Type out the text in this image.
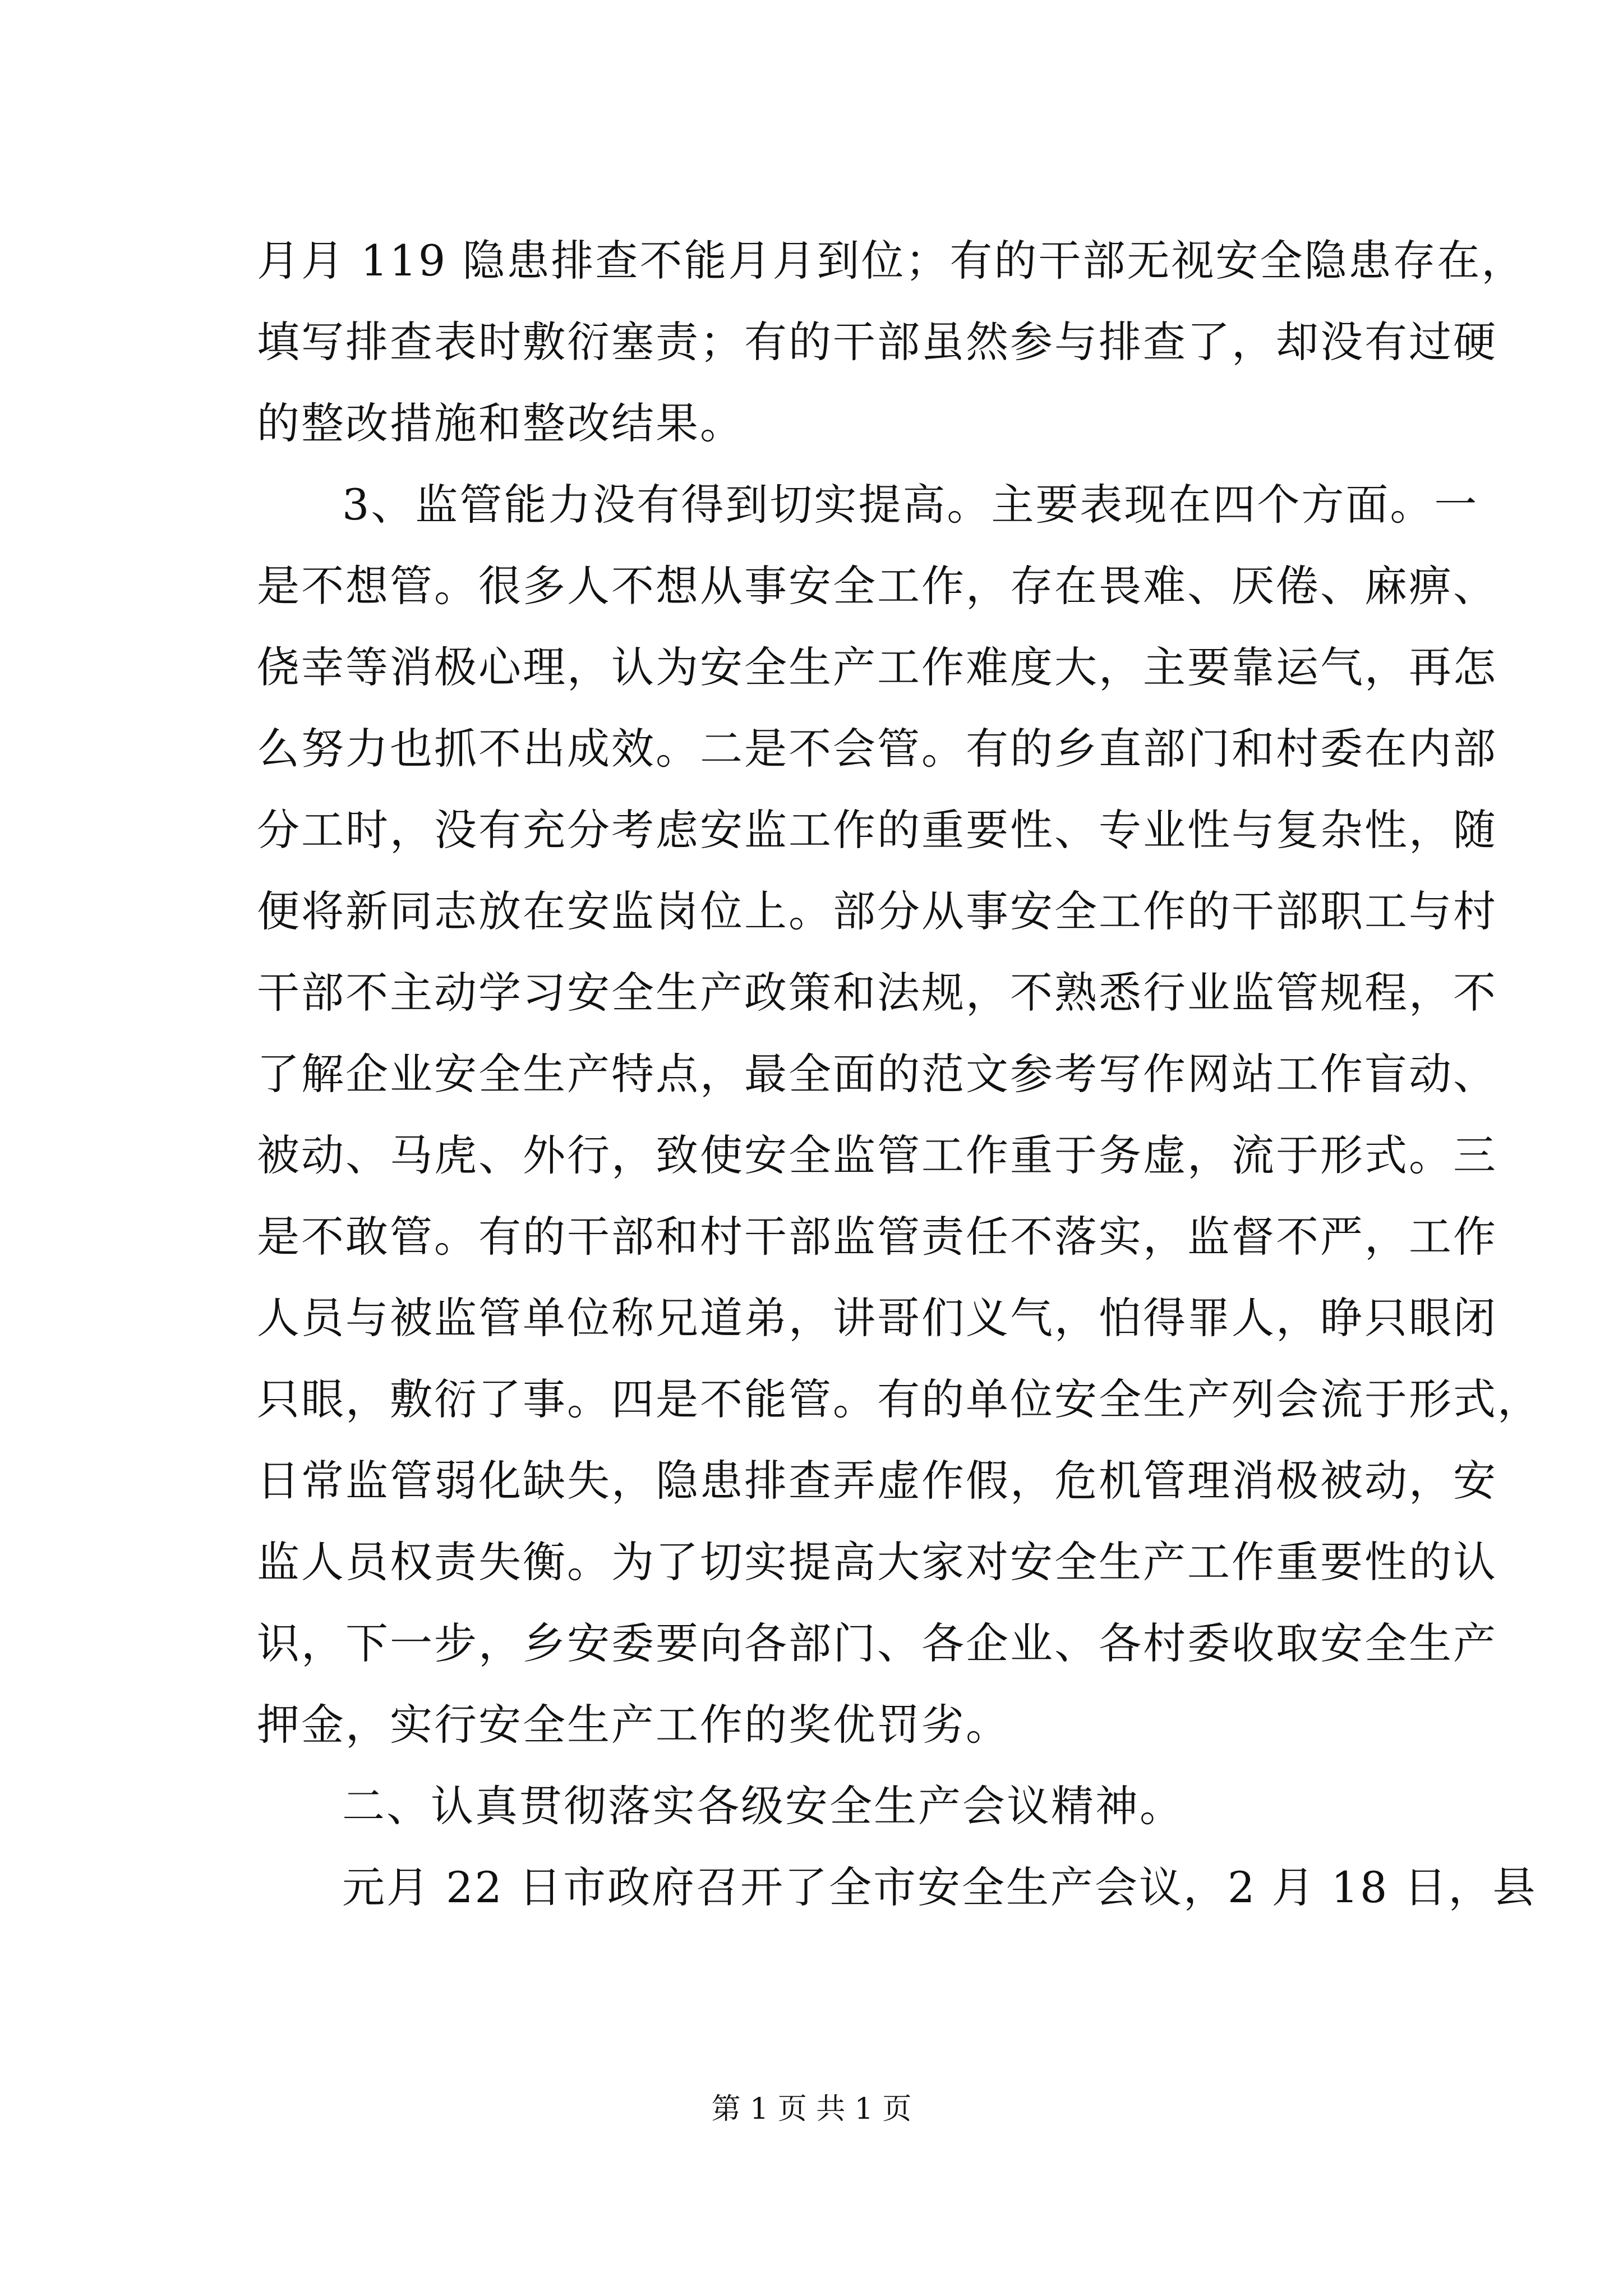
月月 119 隐患排查不能月月到位；有的干部无视安全隐患存在，
填写排查表时敷衍塞责；有的干部虽然参与排查了，却没有过硬
的整改措施和整改结果。
3、监管能力没有得到切实提高。主要表现在四个方面。一
是不想管。很多人不想从事安全工作，存在畏难、厌倦、麻痹、
侥幸等消极心理，认为安全生产工作难度大，主要靠运气，再怎
么努力也抓不出成效。二是不会管。有的乡直部门和村委在内部
分工时，没有充分考虑安监工作的重要性、专业性与复杂性，随
便将新同志放在安监岗位上。部分从事安全工作的干部职工与村
干部不主动学习安全生产政策和法规，不熟悉行业监管规程，不
了解企业安全生产特点，最全面的范文参考写作网站工作盲动、
被动、马虎、外行，致使安全监管工作重于务虚，流于形式。三
是不敢管。有的干部和村干部监管责任不落实，监督不严，工作
人员与被监管单位称兄道弟，讲哥们义气，怕得罪人，睁只眼闭
只眼，敷衍了事。四是不能管。有的单位安全生产列会流于形式，
日常监管弱化缺失，隐患排查弄虚作假，危机管理消极被动，安
监人员权责失衡。为了切实提高大家对安全生产工作重要性的认
识，下一步，乡安委要向各部门、各企业、各村委收取安全生产
押金，实行安全生产工作的奖优罚劣。
二、认真贯彻落实各级安全生产会议精神。
元月 22 日市政府召开了全市安全生产会议，2 月 18 日，县
第 1 页 共 1 页
